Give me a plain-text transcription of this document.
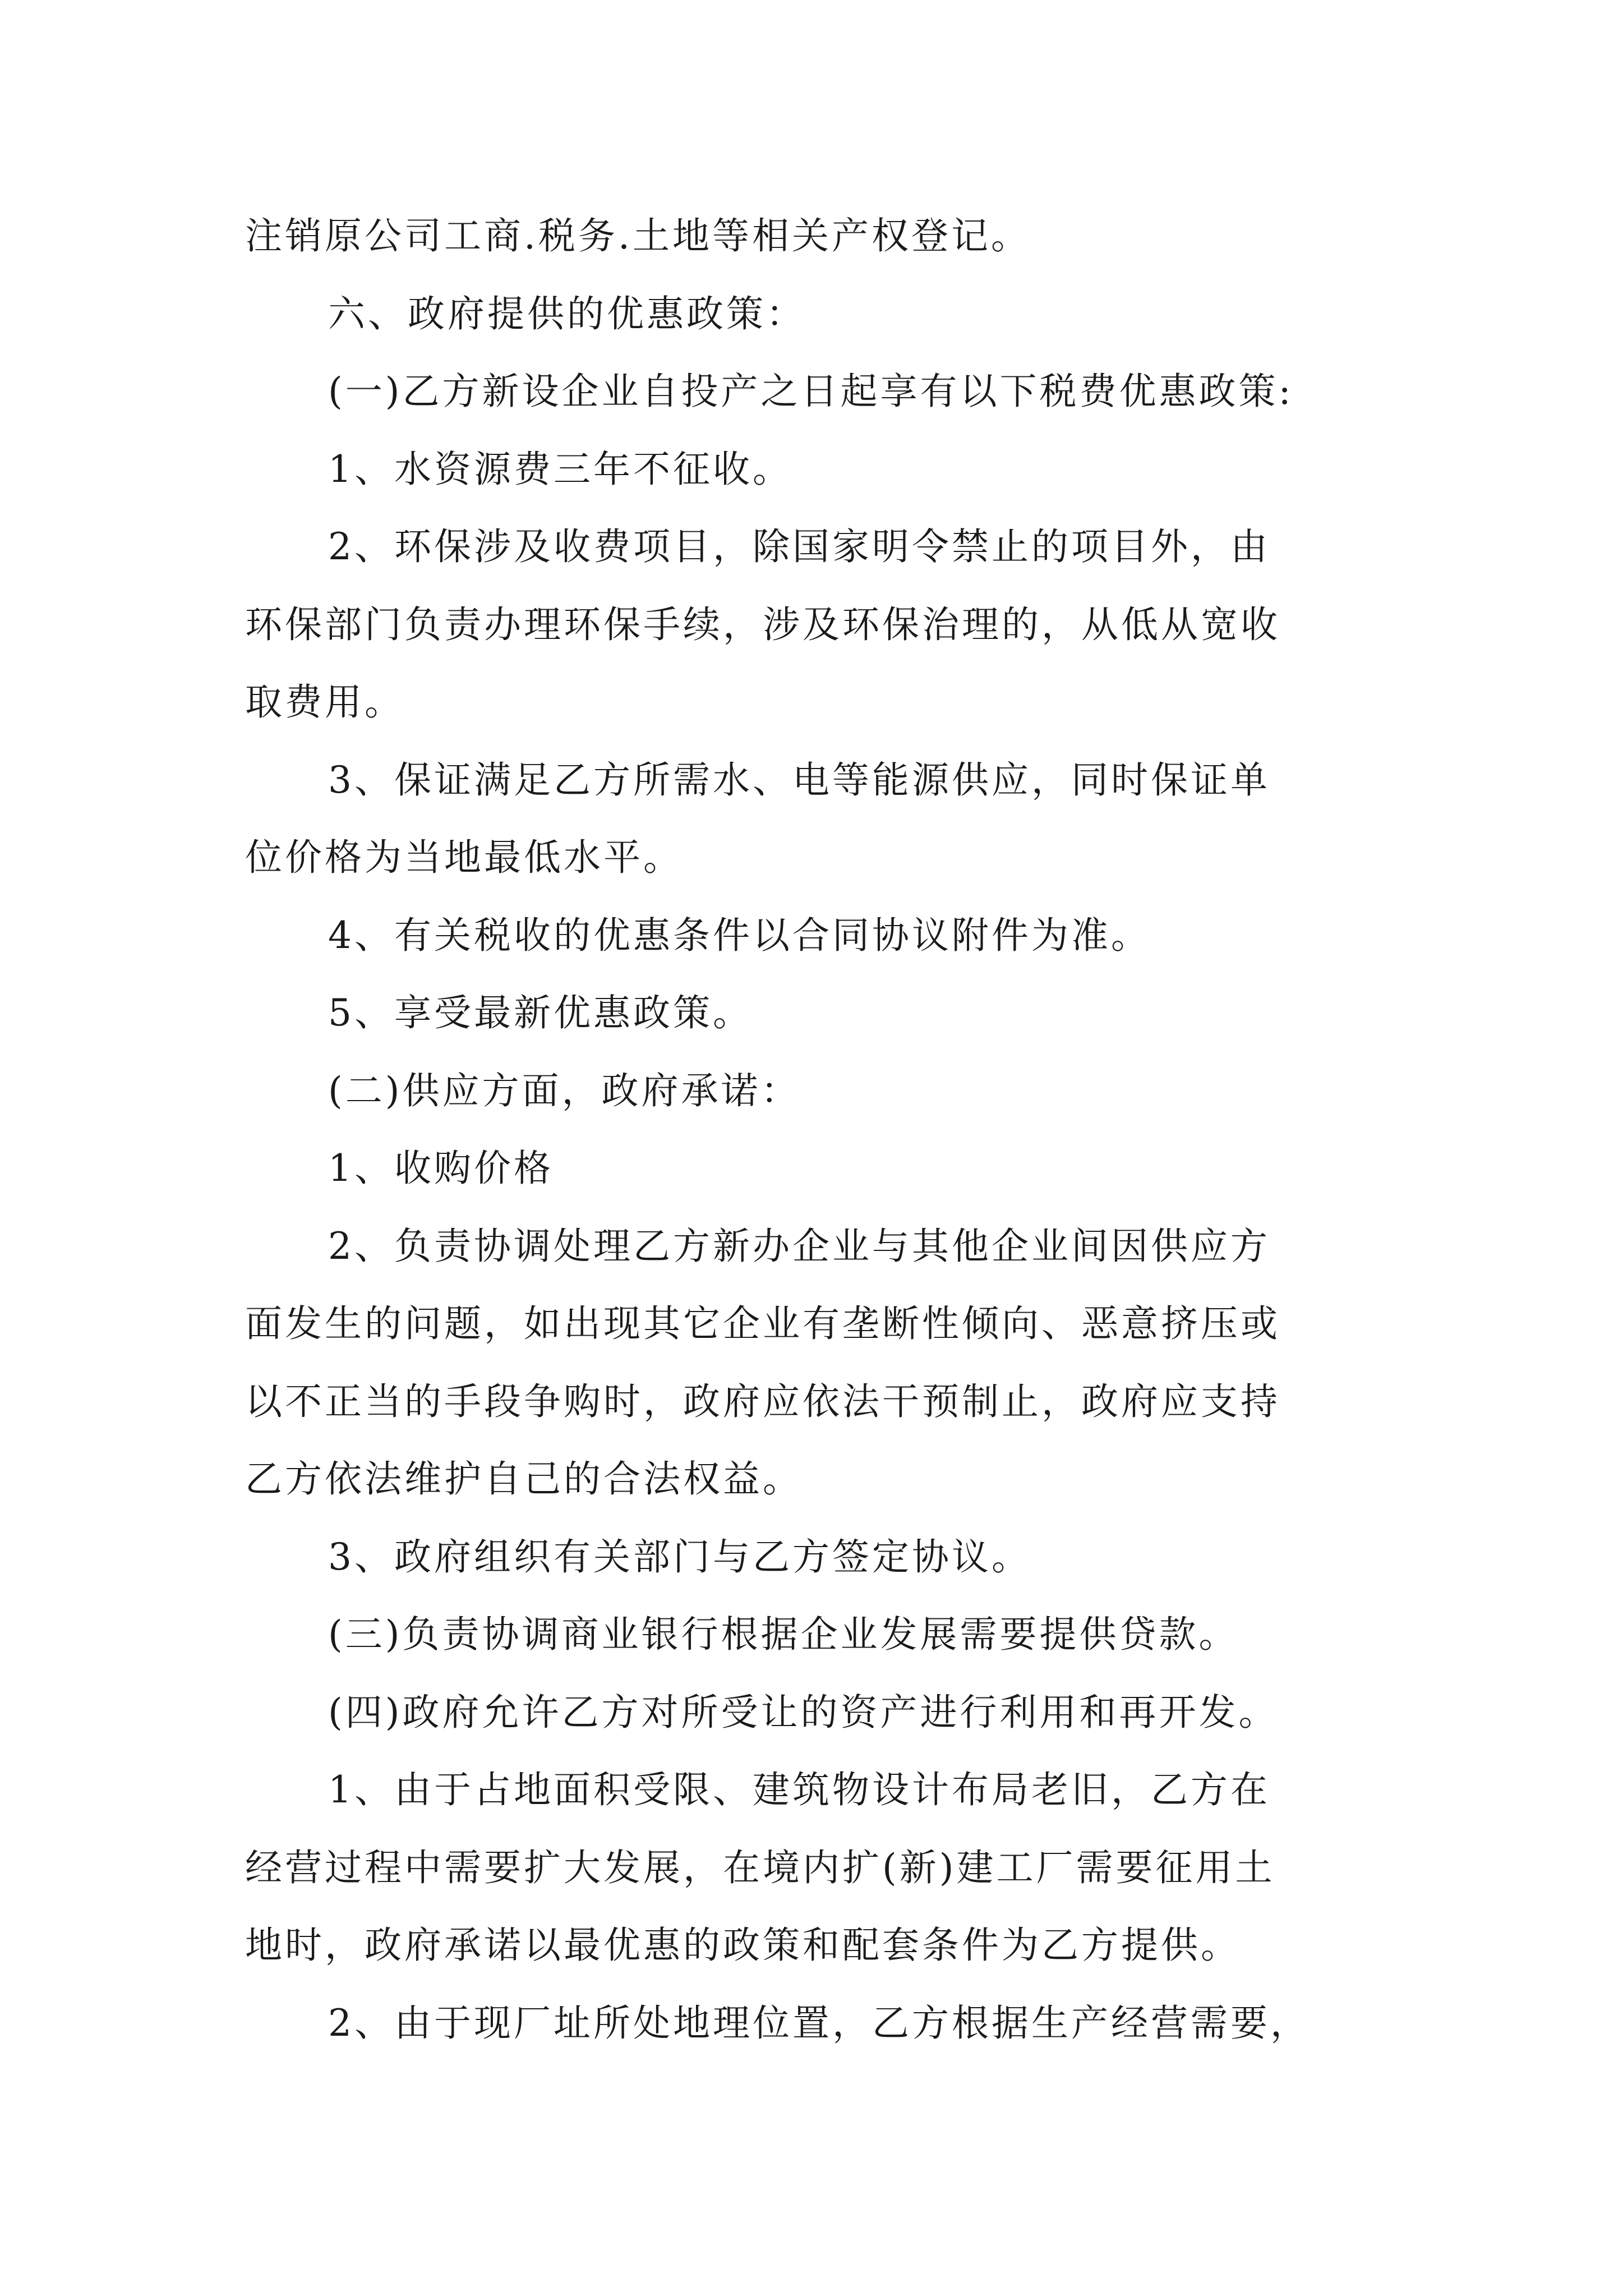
注销原公司工商.税务.土地等相关产权登记。
六、政府提供的优惠政策：
(一)乙方新设企业自投产之日起享有以下税费优惠政策:
1、水资源费三年不征收。
2、环保涉及收费项目，除国家明令禁止的项目外，由
环保部门负责办理环保手续，涉及环保治理的，从低从宽收
取费用。
3、保证满足乙方所需水、电等能源供应，同时保证单
位价格为当地最低水平。
4、有关税收的优惠条件以合同协议附件为准。
5、享受最新优惠政策。
(二)供应方面，政府承诺：
1、收购价格
2、负责协调处理乙方新办企业与其他企业间因供应方
面发生的问题，如出现其它企业有垄断性倾向、恶意挤压或
以不正当的手段争购时，政府应依法干预制止，政府应支持
乙方依法维护自己的合法权益。
3、政府组织有关部门与乙方签定协议。
(三)负责协调商业银行根据企业发展需要提供贷款。
(四)政府允许乙方对所受让的资产进行利用和再开发。
1、由于占地面积受限、建筑物设计布局老旧，乙方在
经营过程中需要扩大发展，在境内扩(新)建工厂需要征用土
地时，政府承诺以最优惠的政策和配套条件为乙方提供。
2、由于现厂址所处地理位置，乙方根据生产经营需要，
